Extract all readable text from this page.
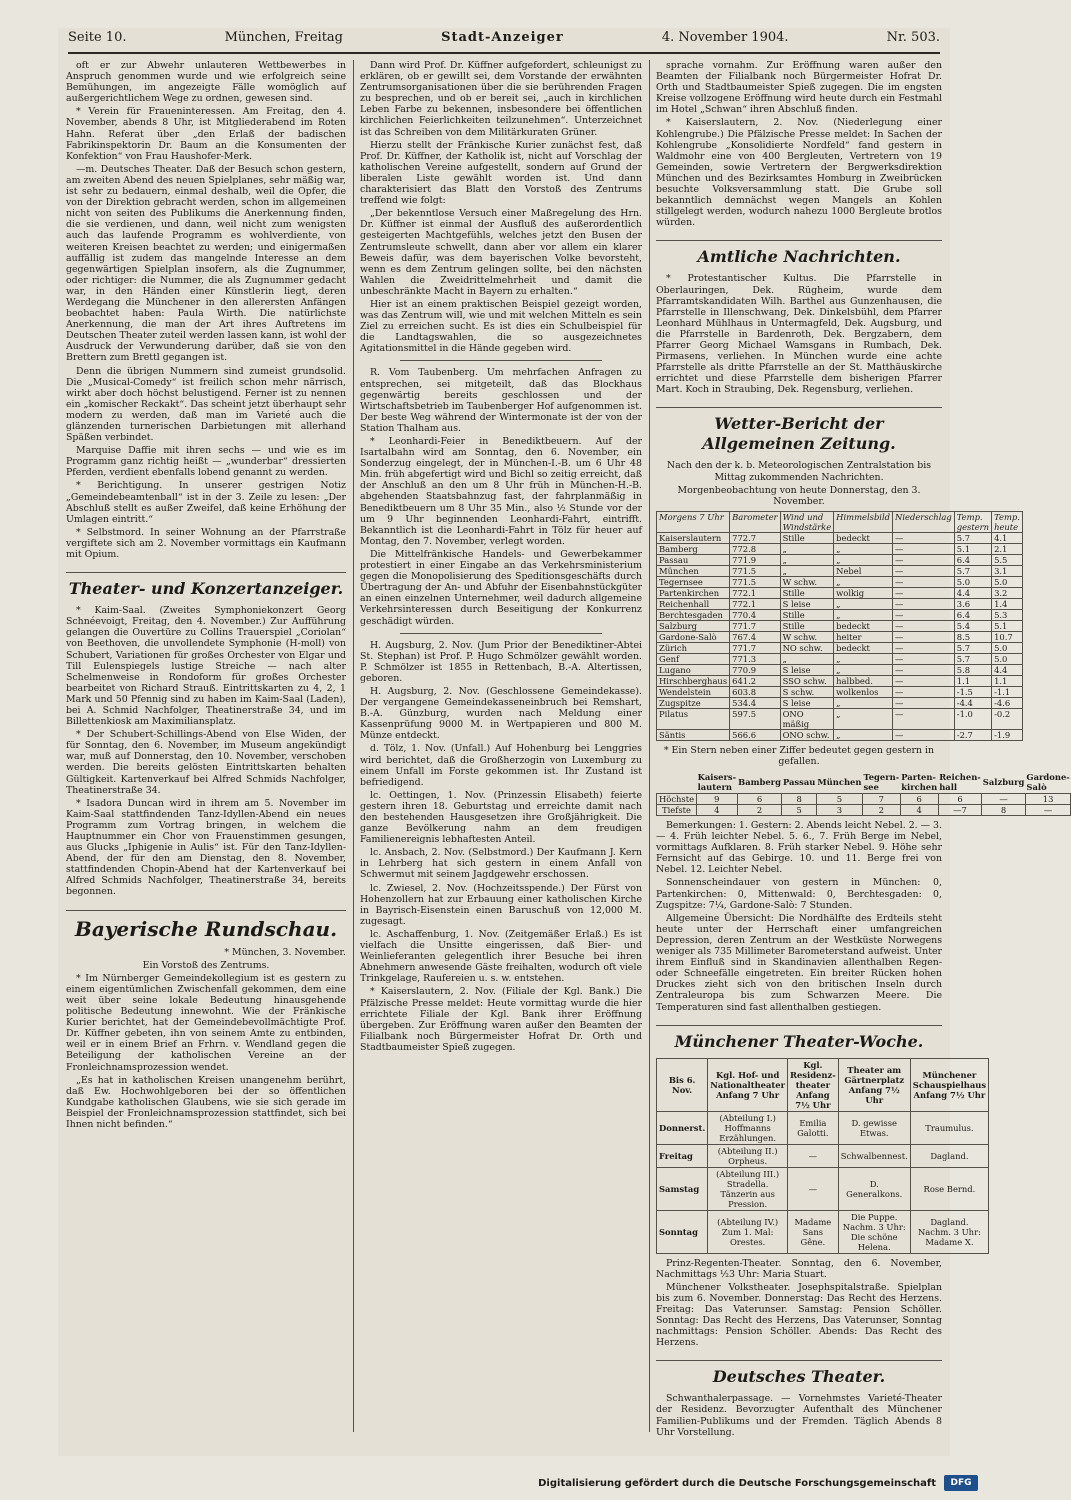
Seite 10.	München, Freitag	Stadt-Anzeiger	4. November 1904.	Nr. 503.

oft er zur Abwehr unlauteren Wettbewerbes in Anspruch genommen wurde und wie erfolgreich seine Bemühungen, im angezeigte Fälle womöglich auf außergerichtlichem Wege zu ordnen, gewesen sind.

* Verein für Fraueninteressen. Am Freitag, den 4. November, abends 8 Uhr, ist Mitgliederabend im Roten Hahn. Referat über „den Erlaß der badischen Fabrikinspektorin Dr. Baum an die Konsumenten der Konfektion“ von Frau Haushofer-Merk.

—m. Deutsches Theater. Daß der Besuch schon gestern, am zweiten Abend des neuen Spielplanes, sehr mäßig war, ist sehr zu bedauern, einmal deshalb, weil die Opfer, die von der Direktion gebracht werden, schon im allgemeinen nicht von seiten des Publikums die Anerkennung finden, die sie verdienen, und dann, weil nicht zum wenigsten auch das laufende Programm es wohlverdiente, von weiteren Kreisen beachtet zu werden; und einigermaßen auffällig ist zudem das mangelnde Interesse an dem gegenwärtigen Spielplan insofern, als die Zugnummer, oder richtiger: die Nummer, die als Zugnummer gedacht war, in den Händen einer Künstlerin liegt, deren Werdegang die Münchener in den allerersten Anfängen beobachtet haben: Paula Wirth. Die natürlichste Anerkennung, die man der Art ihres Auftretens im Deutschen Theater zuteil werden lassen kann, ist wohl der Ausdruck der Verwunderung darüber, daß sie von den Brettern zum Brettl gegangen ist.

Denn die übrigen Nummern sind zumeist grundsolid. Die „Musical-Comedy“ ist freilich schon mehr närrisch, wirkt aber doch höchst belustigend. Ferner ist zu nennen ein „komischer Reckakt“. Das scheint jetzt überhaupt sehr modern zu werden, daß man im Varieté auch die glänzenden turnerischen Darbietungen mit allerhand Späßen verbindet.

Marquise Daffie mit ihren sechs — und wie es im Programm ganz richtig heißt — „wunderbar“ dressierten Pferden, verdient ebenfalls lobend genannt zu werden.

* Berichtigung. In unserer gestrigen Notiz „Gemeindebeamtenball“ ist in der 3. Zeile zu lesen: „Der Abschluß stellt es außer Zweifel, daß keine Erhöhung der Umlagen eintritt.“

* Selbstmord. In seiner Wohnung an der Pfarrstraße vergiftete sich am 2. November vormittags ein Kaufmann mit Opium.

Theater- und Konzertanzeiger.

* Kaim-Saal. (Zweites Symphoniekonzert Georg Schnéevoigt, Freitag, den 4. November.) Zur Aufführung gelangen die Ouvertüre zu Collins Trauerspiel „Coriolan“ von Beethoven, die unvollendete Symphonie (H-moll) von Schubert, Variationen für großes Orchester von Elgar und Till Eulenspiegels lustige Streiche — nach alter Schelmenweise in Rondoform für großes Orchester bearbeitet von Richard Strauß. Eintrittskarten zu 4, 2, 1 Mark und 50 Pfennig sind zu haben im Kaim-Saal (Laden), bei A. Schmid Nachfolger, Theatinerstraße 34, und im Billettenkiosk am Maximiliansplatz.

* Der Schubert-Schillings-Abend von Else Widen, der für Sonntag, den 6. November, im Museum angekündigt war, muß auf Donnerstag, den 10. November, verschoben werden. Die bereits gelösten Eintrittskarten behalten Gültigkeit. Kartenverkauf bei Alfred Schmids Nachfolger, Theatinerstraße 34.

* Isadora Duncan wird in ihrem am 5. November im Kaim-Saal stattfindenden Tanz-Idyllen-Abend ein neues Programm zum Vortrag bringen, in welchem die Hauptnummer ein Chor von Frauenstimmen gesungen, aus Glucks „Iphigenie in Aulis“ ist. Für den Tanz-Idyllen-Abend, der für den am Dienstag, den 8. November, stattfindenden Chopin-Abend hat der Kartenverkauf bei Alfred Schmids Nachfolger, Theatinerstraße 34, bereits begonnen.

Bayerische Rundschau.

* München, 3. November.

Ein Vorstoß des Zentrums.

* Im Nürnberger Gemeindekollegium ist es gestern zu einem eigentümlichen Zwischenfall gekommen, dem eine weit über seine lokale Bedeutung hinausgehende politische Bedeutung innewohnt. Wie der Fränkische Kurier berichtet, hat der Gemeindebevollmächtigte Prof. Dr. Küffner gebeten, ihn von seinem Amte zu entbinden, weil er in einem Brief an Frhrn. v. Wendland gegen die Beteiligung der katholischen Vereine an der Fronleichnamsprozession wendet.

„Es hat in katholischen Kreisen unangenehm berührt, daß Ew. Hochwohlgeboren bei der so öffentlichen Kundgabe katholischen Glaubens, wie sie sich gerade im Beispiel der Fronleichnamsprozession stattfindet, sich bei Ihnen nicht befinden.“

Dann wird Prof. Dr. Küffner aufgefordert, schleunigst zu erklären, ob er gewillt sei, dem Vorstande der erwähnten Zentrumsorganisationen über die sie berührenden Fragen zu besprechen, und ob er bereit sei, „auch in kirchlichen Leben Farbe zu bekennen, insbesondere bei öffentlichen kirchlichen Feierlichkeiten teilzunehmen“. Unterzeichnet ist das Schreiben von dem Militärkuraten Grüner.

Hierzu stellt der Fränkische Kurier zunächst fest, daß Prof. Dr. Küffner, der Katholik ist, nicht auf Vorschlag der katholischen Vereine aufgestellt, sondern auf Grund der liberalen Liste gewählt worden ist. Und dann charakterisiert das Blatt den Vorstoß des Zentrums treffend wie folgt:

„Der bekenntlose Versuch einer Maßregelung des Hrn. Dr. Küffner ist einmal der Ausfluß des außerordentlich gesteigerten Machtgefühls, welches jetzt den Busen der Zentrumsleute schwellt, dann aber vor allem ein klarer Beweis dafür, was dem bayerischen Volke bevorsteht, wenn es dem Zentrum gelingen sollte, bei den nächsten Wahlen die Zweidrittelmehrheit und damit die unbeschränkte Macht in Bayern zu erhalten.“

Hier ist an einem praktischen Beispiel gezeigt worden, was das Zentrum will, wie und mit welchen Mitteln es sein Ziel zu erreichen sucht. Es ist dies ein Schulbeispiel für die Landtagswahlen, die so ausgezeichnetes Agitationsmittel in die Hände gegeben wird.

R. Vom Taubenberg. Um mehrfachen Anfragen zu entsprechen, sei mitgeteilt, daß das Blockhaus gegenwärtig bereits geschlossen und der Wirtschaftsbetrieb im Taubenberger Hof aufgenommen ist. Der beste Weg während der Wintermonate ist der von der Station Thalham aus.

* Leonhardi-Feier in Benediktbeuern. Auf der Isartalbahn wird am Sonntag, den 6. November, ein Sonderzug eingelegt, der in München-I.-B. um 6 Uhr 48 Min. früh abgefertigt wird und Bichl so zeitig erreicht, daß der Anschluß an den um 8 Uhr früh in München-H.-B. abgehenden Staatsbahnzug fast, der fahrplanmäßig in Benediktbeuern um 8 Uhr 35 Min., also ½ Stunde vor der um 9 Uhr beginnenden Leonhardi-Fahrt, eintrifft. Bekanntlich ist die Leonhardi-Fahrt in Tölz für heuer auf Montag, den 7. November, verlegt worden.

Die Mittelfränkische Handels- und Gewerbekammer protestiert in einer Eingabe an das Verkehrsministerium gegen die Monopolisierung des Speditionsgeschäfts durch Übertragung der An- und Abfuhr der Eisenbahnstückgüter an einen einzelnen Unternehmer, weil dadurch allgemeine Verkehrsinteressen durch Beseitigung der Konkurrenz geschädigt würden.

H. Augsburg, 2. Nov. (Jum Prior der Benediktiner-Abtei St. Stephan) ist Prof. P. Hugo Schmölzer gewählt worden. P. Schmölzer ist 1855 in Rettenbach, B.-A. Altertissen, geboren.

H. Augsburg, 2. Nov. (Geschlossene Gemeindekasse). Der vergangene Gemeindekasseneinbruch bei Remshart, B.-A. Günzburg, wurden nach Meldung einer Kassenprüfung 9000 M. in Wertpapieren und 800 M. Münze entdeckt.

d. Tölz, 1. Nov. (Unfall.) Auf Hohenburg bei Lenggries wird berichtet, daß die Großherzogin von Luxemburg zu einem Unfall im Forste gekommen ist. Ihr Zustand ist befriedigend.

lc. Oettingen, 1. Nov. (Prinzessin Elisabeth) feierte gestern ihren 18. Geburtstag und erreichte damit nach den bestehenden Hausgesetzen ihre Großjährigkeit. Die ganze Bevölkerung nahm an dem freudigen Familienereignis lebhaftesten Anteil.

lc. Ansbach, 2. Nov. (Selbstmord.) Der Kaufmann J. Kern in Lehrberg hat sich gestern in einem Anfall von Schwermut mit seinem Jagdgewehr erschossen.

lc. Zwiesel, 2. Nov. (Hochzeitsspende.) Der Fürst von Hohenzollern hat zur Erbauung einer katholischen Kirche in Bayrisch-Eisenstein einen Baruschuß von 12,000 M. zugesagt.

lc. Aschaffenburg, 1. Nov. (Zeitgemäßer Erlaß.) Es ist vielfach die Unsitte eingerissen, daß Bier- und Weinlieferanten gelegentlich ihrer Besuche bei ihren Abnehmern anwesende Gäste freihalten, wodurch oft viele Trinkgelage, Raufereien u. s. w. entstehen.

* Kaiserslautern, 2. Nov. (Filiale der Kgl. Bank.) Die Pfälzische Presse meldet: Heute vormittag wurde die hier errichtete Filiale der Kgl. Bank ihrer Eröffnung übergeben. Zur Eröffnung waren außer den Beamten der Filialbank noch Bürgermeister Hofrat Dr. Orth und Stadtbaumeister Spieß zugegen.

sprache vornahm. Zur Eröffnung waren außer den Beamten der Filialbank noch Bürgermeister Hofrat Dr. Orth und Stadtbaumeister Spieß zugegen. Die im engsten Kreise vollzogene Eröffnung wird heute durch ein Festmahl im Hotel „Schwan“ ihren Abschluß finden.

* Kaiserslautern, 2. Nov. (Niederlegung einer Kohlengrube.) Die Pfälzische Presse meldet: In Sachen der Kohlengrube „Konsolidierte Nordfeld“ fand gestern in Waldmohr eine von 400 Bergleuten, Vertretern von 19 Gemeinden, sowie Vertretern der Bergwerksdirektion München und des Bezirksamtes Homburg in Zweibrücken besuchte Volksversammlung statt. Die Grube soll bekanntlich demnächst wegen Mangels an Kohlen stillgelegt werden, wodurch nahezu 1000 Bergleute brotlos würden.

Amtliche Nachrichten.

* Protestantischer Kultus. Die Pfarrstelle in Oberlauringen, Dek. Rügheim, wurde dem Pfarramtskandidaten Wilh. Barthel aus Gunzenhausen, die Pfarrstelle in Illenschwang, Dek. Dinkelsbühl, dem Pfarrer Leonhard Mühlhaus in Untermagfeld, Dek. Augsburg, und die Pfarrstelle in Bardenroth, Dek. Bergzabern, dem Pfarrer Georg Michael Wamsgans in Rumbach, Dek. Pirmasens, verliehen. In München wurde eine achte Pfarrstelle als dritte Pfarrstelle an der St. Matthäuskirche errichtet und diese Pfarrstelle dem bisherigen Pfarrer Mart. Koch in Straubing, Dek. Regensburg, verliehen.

Wetter-Bericht der Allgemeinen Zeitung.

Nach den der k. b. Meteorologischen Zentralstation bis Mittag zukommenden Nachrichten.

Morgenbeobachtung von heute Donnerstag, den 3. November.

Morgens 7 Uhr	Barometer	Wind und Windstärke	Himmelsbild	Niederschlag	Temp. gestern	Temp. heute
Kaiserslautern	772.7	Stille	bedeckt	—	5.7	4.1
Bamberg	772.8	„	„	—	5.1	2.1
Passau	771.9	„	„	—	6.4	5.5
München	771.5	„	Nebel	—	5.7	3.1
Tegernsee	771.5	W schw.	„	—	5.0	5.0
Partenkirchen	772.1	Stille	wolkig	—	4.4	3.2
Reichenhall	772.1	S leise	„	—	3.6	1.4
Berchtesgaden	770.4	Stille	„	—	6.4	5.3
Salzburg	771.7	Stille	bedeckt	—	5.4	5.1
Gardone-Salò	767.4	W schw.	heiter	—	8.5	10.7
Zürich	771.7	NO schw.	bedeckt	—	5.7	5.0
Genf	771.3	„	„	—	5.7	5.0
Lugano	770.9	S leise	„	—	5.8	4.4
Hirschberghaus	641.2	SSO schw.	halbbed.	—	1.1	1.1
Wendelstein	603.8	S schw.	wolkenlos	—	-1.5	-1.1
Zugspitze	534.4	S leise	„	—	-4.4	-4.6
Pilatus	597.5	ONO mäßig	„	—	-1.0	-0.2
Säntis	566.6	ONO schw.	„	—	-2.7	-1.9

* Ein Stern neben einer Ziffer bedeutet gegen gestern in gefallen.

	Kaisers-lautern	Bamberg	Passau	München	Tegern-see	Parten-kirchen	Reichen-hall	Salzburg	Gardone-Salò
Höchste	9	6	8	5	7	6	6	—	13
Tiefste	4	2	5	3	2	4	—7	8	—

Bemerkungen: 1. Gestern: 2. Abends leicht Nebel. 2. — 3. — 4. Früh leichter Nebel. 5. 6., 7. Früh Berge im Nebel, vormittags Aufklaren. 8. Früh starker Nebel. 9. Höhe sehr Fernsicht auf das Gebirge. 10. und 11. Berge frei von Nebel. 12. Leichter Nebel.

Sonnenscheindauer von gestern in München: 0, Partenkirchen: 0, Mittenwald: 0, Berchtesgaden: 0, Zugspitze: 7¼, Gardone-Salò: 7 Stunden.

Allgemeine Übersicht: Die Nordhälfte des Erdteils steht heute unter der Herrschaft einer umfangreichen Depression, deren Zentrum an der Westküste Norwegens weniger als 735 Millimeter Barometerstand aufweist. Unter ihrem Einfluß sind in Skandinavien allenthalben Regen- oder Schneefälle eingetreten. Ein breiter Rücken hohen Druckes zieht sich von den britischen Inseln durch Zentraleuropa bis zum Schwarzen Meere. Die Temperaturen sind fast allenthalben gestiegen.

Münchener Theater-Woche.
Bis 6. Nov.	Kgl. Hof- und Nationaltheater Anfang 7 Uhr	Kgl. Residenz-theater Anfang 7½ Uhr	Theater am Gärtnerplatz Anfang 7½ Uhr	Münchener Schauspielhaus Anfang 7½ Uhr
Donnerst.	(Abteilung I.) Hoffmanns Erzählungen.	Emilia Galotti.	D. gewisse Etwas.	Traumulus.
Freitag	(Abteilung II.) Orpheus.	—	Schwalbennest.	Dagland.
Samstag	(Abteilung III.) Stradella. Tänzerin aus Pression.	—	D. Generalkons.	Rose Bernd.
Sonntag	(Abteilung IV.) Zum 1. Mal: Orestes.	Madame Sans Gêne.	Die Puppe. Nachm. 3 Uhr: Die schöne Helena.	Dagland. Nachm. 3 Uhr: Madame X.

Prinz-Regenten-Theater. Sonntag, den 6. November, Nachmittags ½3 Uhr: Maria Stuart.

Münchener Volkstheater. Josephspitalstraße. Spielplan bis zum 6. November. Donnerstag: Das Recht des Herzens. Freitag: Das Vaterunser. Samstag: Pension Schöller. Sonntag: Das Recht des Herzens, Das Vaterunser, Sonntag nachmittags: Pension Schöller. Abends: Das Recht des Herzens.

Deutsches Theater.

Schwanthalerpassage. — Vornehmstes Varieté-Theater der Residenz. Bevorzugter Aufenthalt des Münchener Familien-Publikums und der Fremden. Täglich Abends 8 Uhr Vorstellung.

Digitalisierung gefördert durch die Deutsche Forschungsgemeinschaft	DFG
